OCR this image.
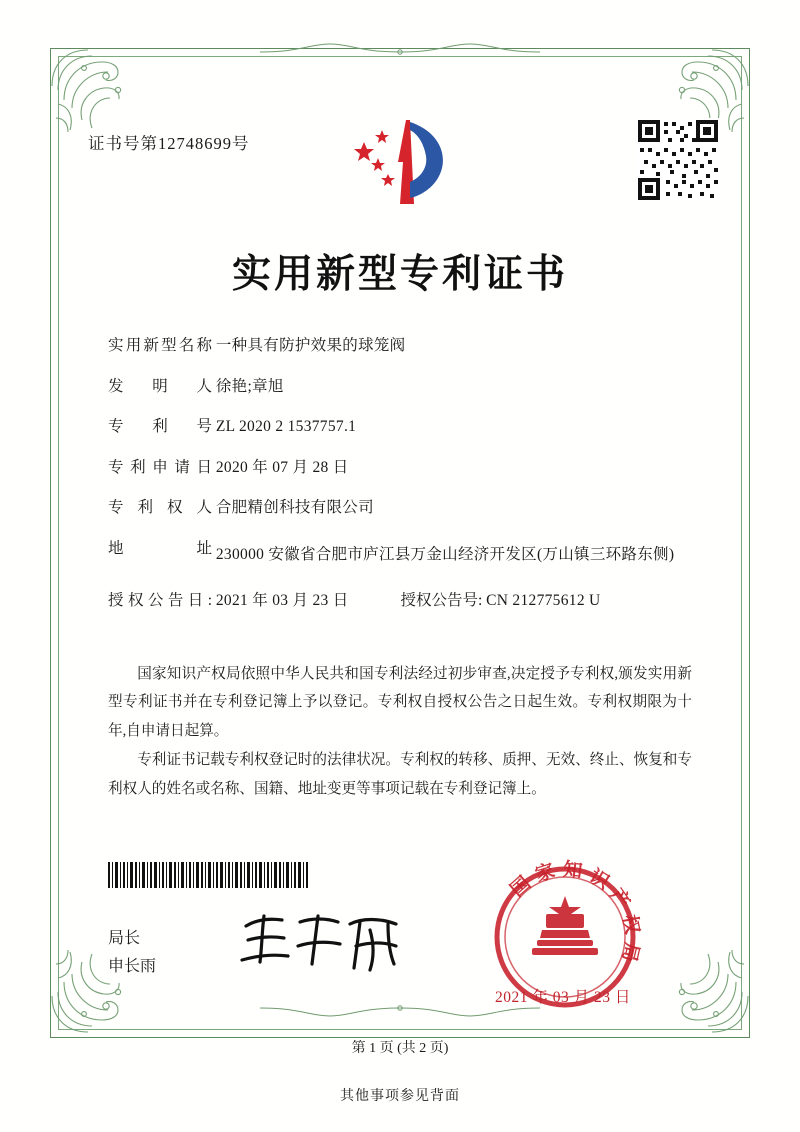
证书号第12748699号
实用新型专利证书
实用新型名称 一种具有防护效果的球笼阀
发明人 徐艳;章旭
专利号 ZL 2020 2 1537757.1
专利申请日 2020 年 07 月 28 日
专利权人 合肥精创科技有限公司
地址 230000 安徽省合肥市庐江县万金山经济开发区(万山镇三环路东侧)
授权公告日: 2021 年 03 月 23 日	授权公告号: CN 212775612 U

国家知识产权局依照中华人民共和国专利法经过初步审查,决定授予专利权,颁发实用新型专利证书并在专利登记簿上予以登记。专利权自授权公告之日起生效。专利权期限为十年,自申请日起算。

专利证书记载专利权登记时的法律状况。专利权的转移、质押、无效、终止、恢复和专利权人的姓名或名称、国籍、地址变更等事项记载在专利登记簿上。

局长
申长雨
国 家 知 识 产 权 局
2021 年 03 月 23 日
第 1 页 (共 2 页)
其他事项参见背面
